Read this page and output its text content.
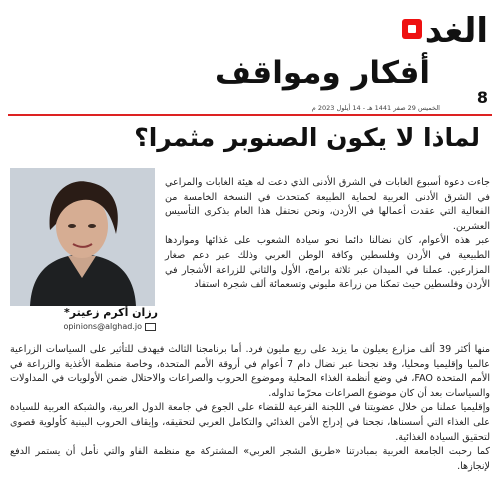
الغد
أفكار ومواقف
8
الخميس 29 صفر 1441 هـ - 14 أيلول 2023 م
لماذا لا يكون الصنوبر مثمرا؟
رزان أكرم زعيتر*
opinions@alghad.jo

جاءت دعوة أسبوع الغابات في الشرق الأدنى الذي دعت له هيئة الغابات والمراعي في الشرق الأدنى العربية لحماية الطبيعة كمتحدث في النسخة الخامسة من الفعالية التي عقدت أعمالها في الأردن، ونحن نحتفل هذا العام بذكرى التأسيس العشرين.

عبر هذه الأعوام، كان نضالنا دائما نحو سيادة الشعوب على غذائها ومواردها الطبيعية في الأردن وفلسطين وكافة الوطن العربي وذلك عبر دعم صغار المزارعين. عملنا في الميدان عبر ثلاثة برامج، الأول والثاني للزراعة الأشجار في الأردن وفلسطين حيث تمكنا من زراعة مليوني وتسعمائة ألف شجرة استفاد

منها أكثر 39 ألف مزارع يعيلون ما يزيد على ربع مليون فرد. أما برنامجنا الثالث فيهدف للتأثير على السياسات الزراعية عالميا وإقليميا ومحليا، وقد نجحنا عبر نضال دام 7 أعوام في أروقة الأمم المتحدة، وخاصة منظمة الأغذية والزراعة في الأمم المتحدة FAO، في وضع أنظمة الغذاء المحلية وموضوع الحروب والصراعات والاحتلال ضمن الأولويات في المداولات والسياسات بعد أن كان موضوع الصراعات محرّما تداوله.

وإقليميا عملنا من خلال عضويتنا في اللجنة الفرعية للقضاء على الجوع في جامعة الدول العربية، والشبكة العربية للسيادة على الغذاء التي أسسناها، نجحنا في إدراج الأمن الغذائي والتكامل العربي لتحقيقه، وإيقاف الحروب البينية كأولوية قصوى لتحقيق السيادة الغذائية.

كما رحبت الجامعة العربية بمبادرتنا «طريق الشجر العربي» المشتركة مع منظمة الفاو والتي نأمل أن يستمر الدفع لإنجازها.
